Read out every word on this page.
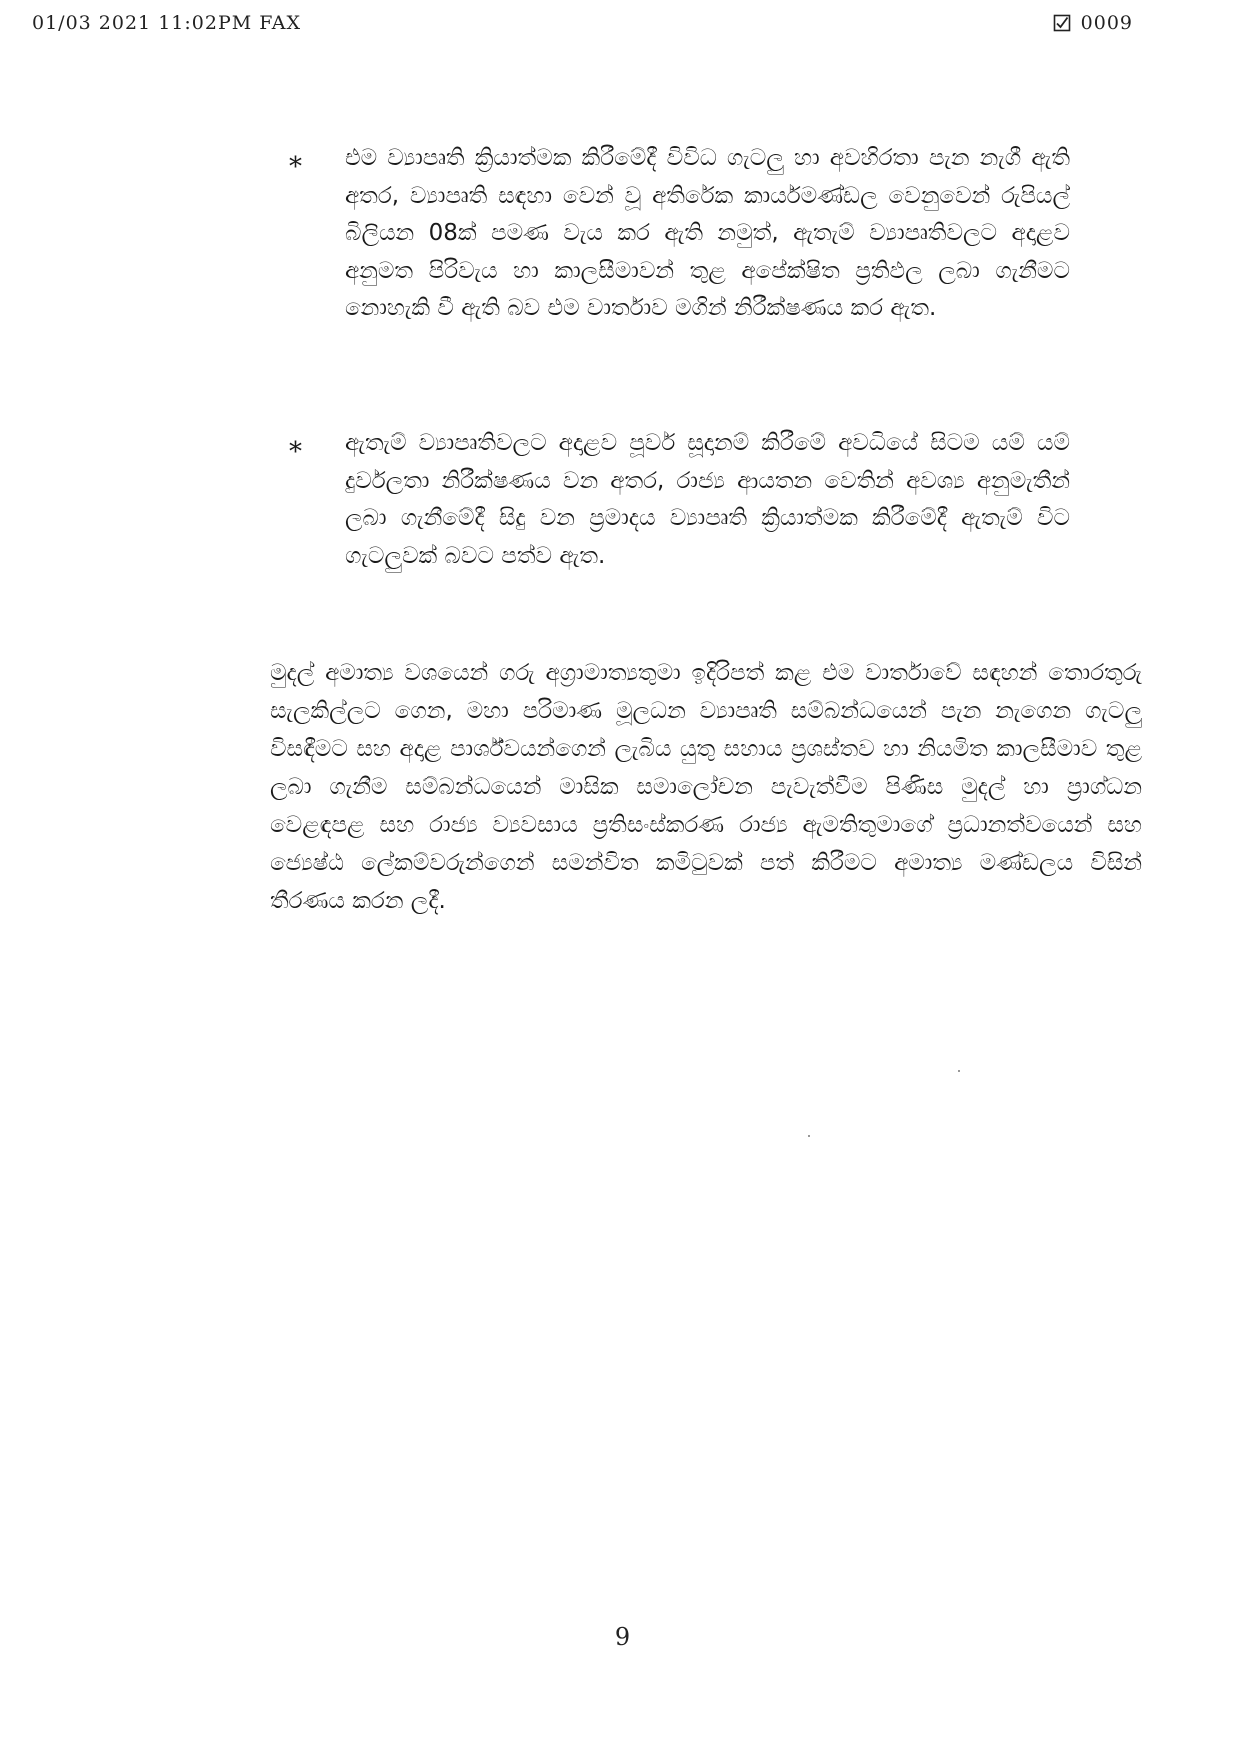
01/03 2021 11:02PM FAX	0009
* එම ව්‍යාපෘති ක්‍රියාත්මක කිරීමේදී විවිධ ගැටලු හා අවහිරතා පැන නැගී ඇති අතර, ව්‍යාපෘති සඳහා වෙන් වූ අතිරේක කාර්යමණ්ඩල වෙනුවෙන් රුපියල් බිලියන 08ක් පමණ වැය කර ඇති නමුත්, ඇතැම් ව්‍යාපෘතිවලට අදාළව අනුමත පිරිවැය හා කාලසීමාවන් තුළ අපේක්ෂිත ප්‍රතිඵල ලබා ගැනීමට නොහැකි වී ඇති බව එම වාර්තාව මගින් නිරීක්ෂණය කර ඇත.

* ඇතැම් ව්‍යාපෘතිවලට අදාළව පූර්ව සූදානම් කිරීමේ අවධියේ සිටම යම් යම් දුර්වලතා නිරීක්ෂණය වන අතර, රාජ්‍ය ආයතන වෙතින් අවශ්‍ය අනුමැතීන් ලබා ගැනීමේදී සිදු වන ප්‍රමාදය ව්‍යාපෘති ක්‍රියාත්මක කිරීමේදී ඇතැම් විට ගැටලුවක් බවට පත්ව ඇත.

මුදල් අමාත්‍ය වශයෙන් ගරු අග්‍රාමාත්‍යතුමා ඉදිරිපත් කළ එම වාර්තාවේ සඳහන් තොරතුරු සැලකිල්ලට ගෙන, මහා පරිමාණ මූලධන ව්‍යාපෘති සම්බන්ධයෙන් පැන නැගෙන ගැටලු විසඳීමට සහ අදාළ පාර්ශ්වයන්ගෙන් ලැබිය යුතු සහාය ප්‍රශස්තව හා නියමිත කාලසීමාව තුළ ලබා ගැනීම සම්බන්ධයෙන් මාසික සමාලෝචන පැවැත්වීම පිණිස මුදල් හා ප්‍රාග්ධන වෙළඳපළ සහ රාජ්‍ය ව්‍යවසාය ප්‍රතිසංස්කරණ රාජ්‍ය ඇමතිතුමාගේ ප්‍රධානත්වයෙන් සහ ජ්‍යෙෂ්ඨ ලේකම්වරුන්ගෙන් සමන්විත කමිටුවක් පත් කිරීමට අමාත්‍ය මණ්ඩලය විසින් තීරණය කරන ලදී.

9
